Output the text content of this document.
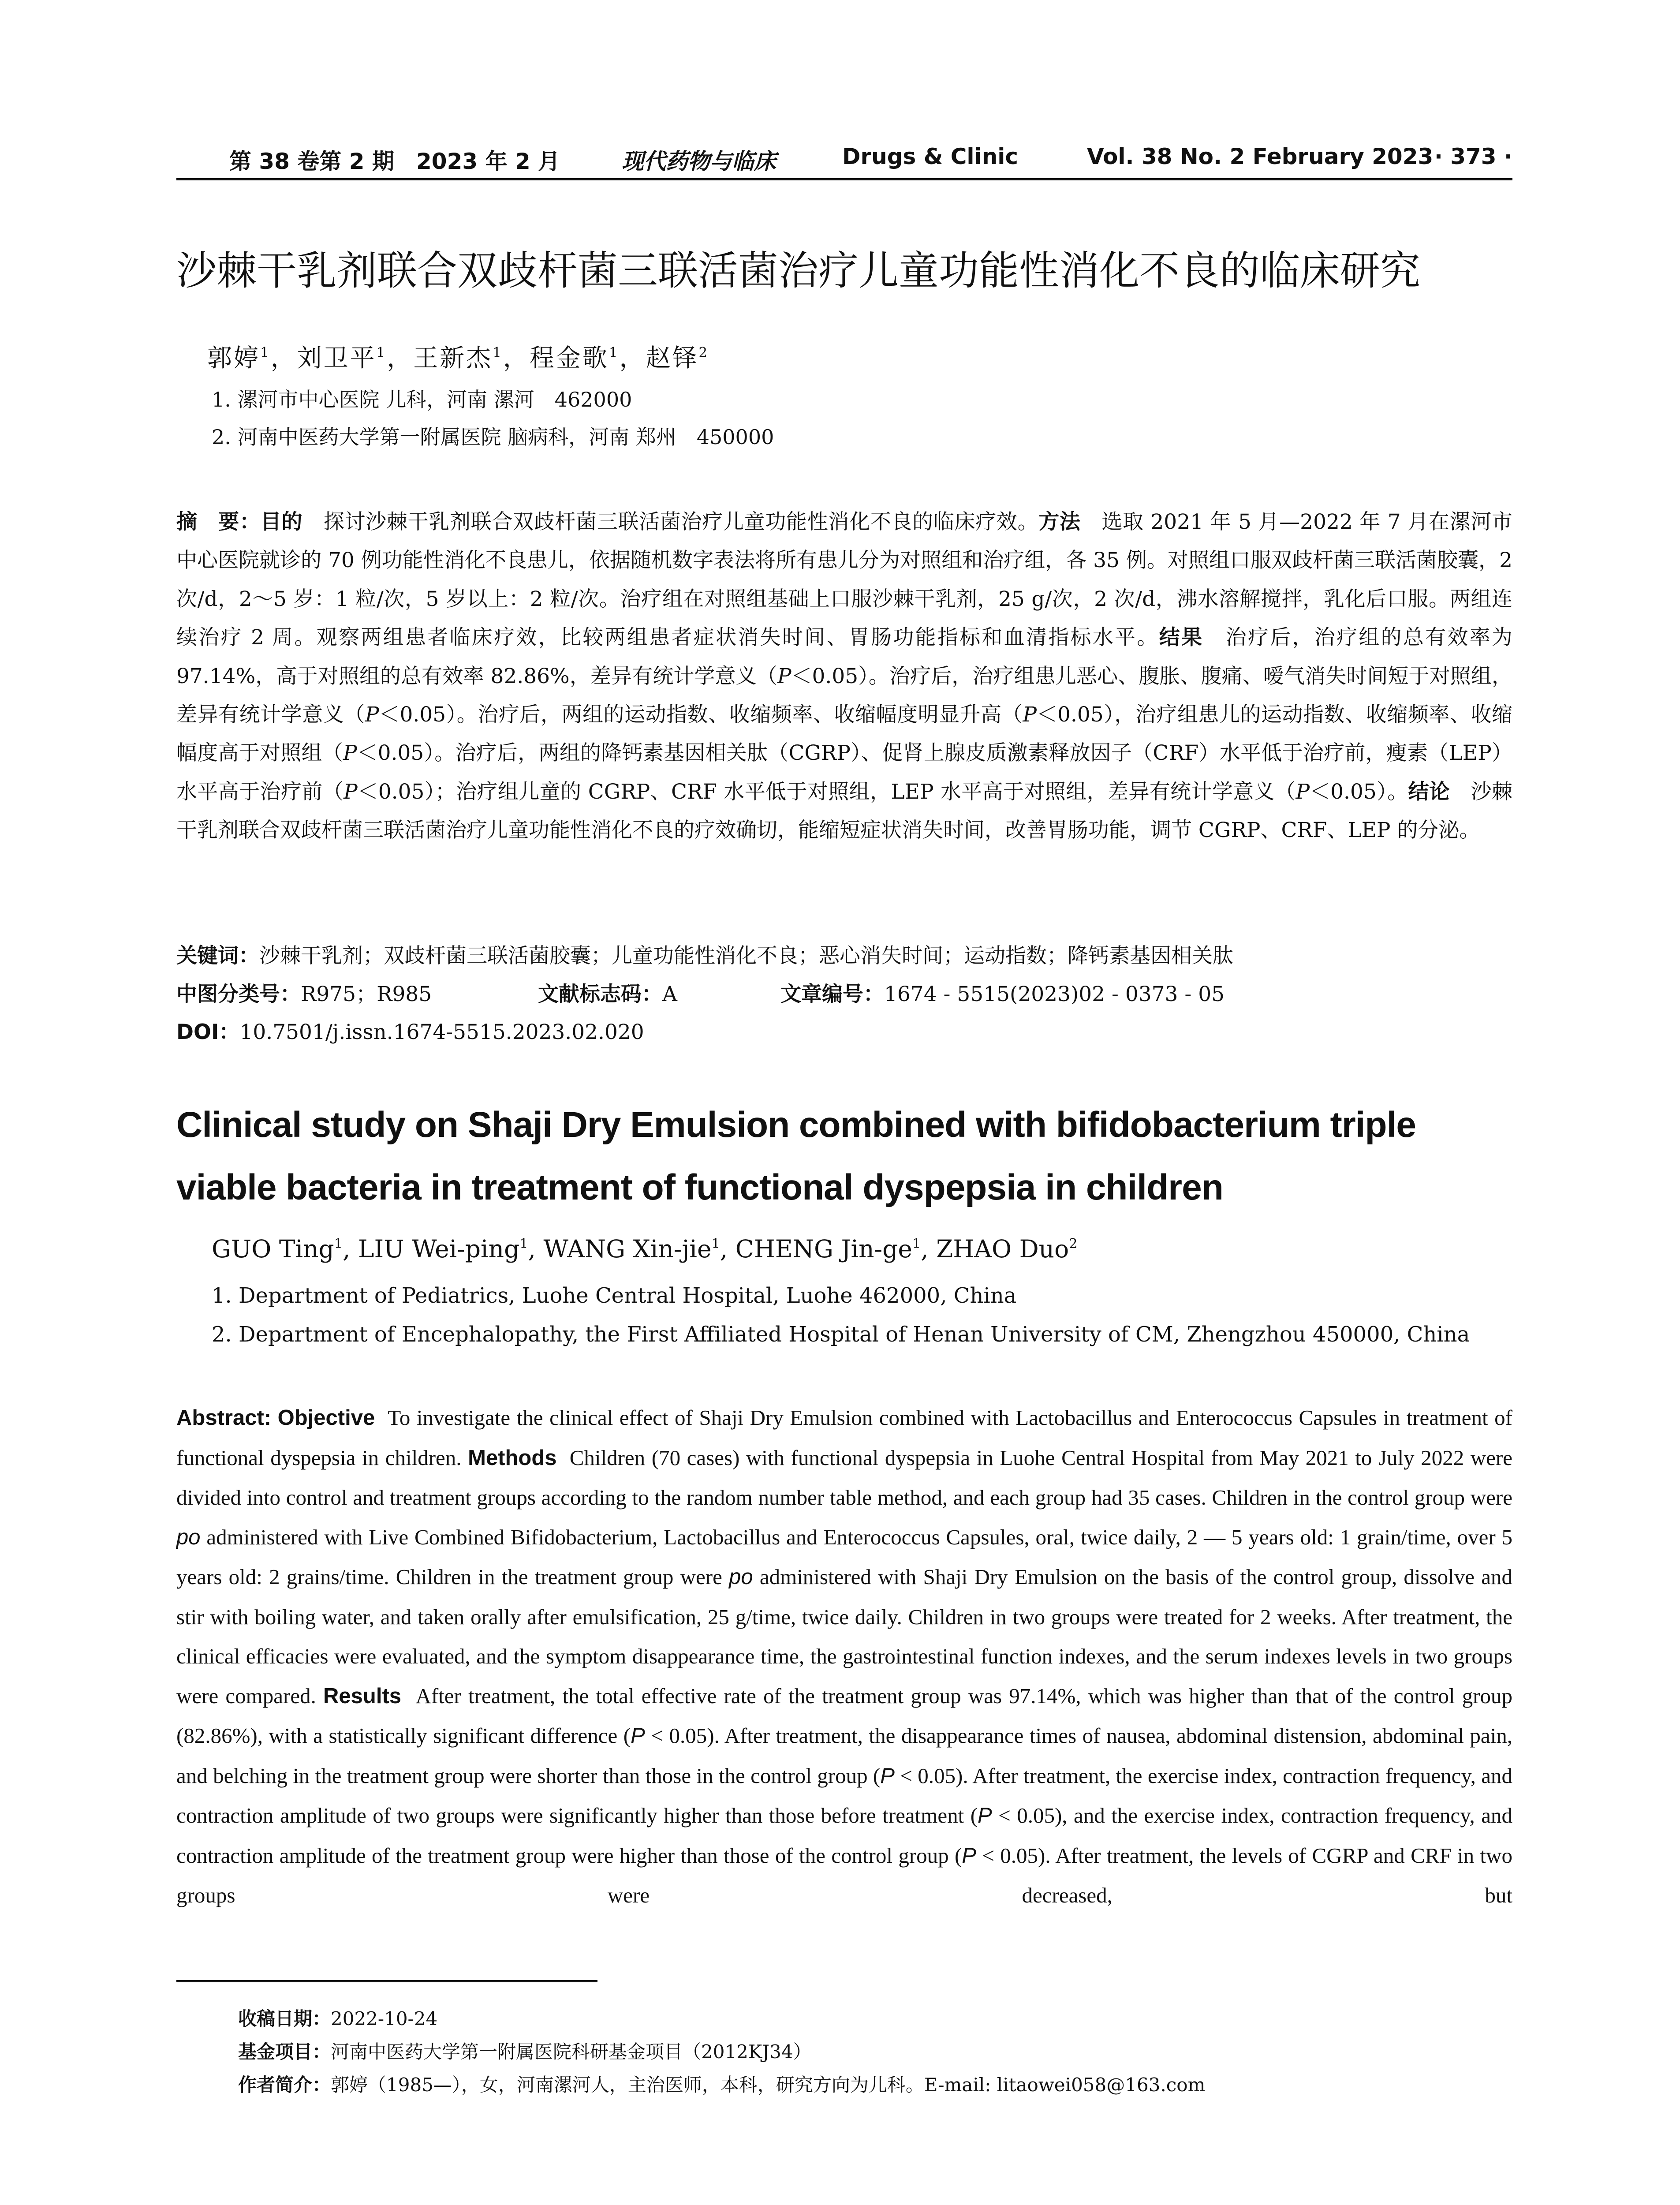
第 38 卷第 2 期　2023 年 2 月	现代药物与临床	Drugs & Clinic	Vol. 38 No. 2 February 2023 · 373 ·
沙棘干乳剂联合双歧杆菌三联活菌治疗儿童功能性消化不良的临床研究
郭婷$^1$，刘卫平$^1$，王新杰$^1$，程金歌$^1$，赵铎$^2$
1. 漯河市中心医院 儿科，河南 漯河　462000
2. 河南中医药大学第一附属医院 脑病科，河南 郑州　450000
摘　要：目的　探讨沙棘干乳剂联合双歧杆菌三联活菌治疗儿童功能性消化不良的临床疗效。方法　选取 2021 年 5 月—2022 年 7 月在漯河市中心医院就诊的 70 例功能性消化不良患儿，依据随机数字表法将所有患儿分为对照组和治疗组，各 35 例。对照组口服双歧杆菌三联活菌胶囊，2 次/d，2～5 岁：1 粒/次，5 岁以上：2 粒/次。治疗组在对照组基础上口服沙棘干乳剂，25 g/次，2 次/d，沸水溶解搅拌，乳化后口服。两组连续治疗 2 周。观察两组患者临床疗效，比较两组患者症状消失时间、胃肠功能指标和血清指标水平。结果　治疗后，治疗组的总有效率为 97.14%，高于对照组的总有效率 82.86%，差异有统计学意义（P＜0.05）。治疗后，治疗组患儿恶心、腹胀、腹痛、嗳气消失时间短于对照组，差异有统计学意义（P＜0.05）。治疗后，两组的运动指数、收缩频率、收缩幅度明显升高（P＜0.05），治疗组患儿的运动指数、收缩频率、收缩幅度高于对照组（P＜0.05）。治疗后，两组的降钙素基因相关肽（CGRP）、促肾上腺皮质激素释放因子（CRF）水平低于治疗前，瘦素（LEP）水平高于治疗前（P＜0.05）；治疗组儿童的 CGRP、CRF 水平低于对照组，LEP 水平高于对照组，差异有统计学意义（P＜0.05）。结论　沙棘干乳剂联合双歧杆菌三联活菌治疗儿童功能性消化不良的疗效确切，能缩短症状消失时间，改善胃肠功能，调节 CGRP、CRF、LEP 的分泌。
关键词：沙棘干乳剂；双歧杆菌三联活菌胶囊；儿童功能性消化不良；恶心消失时间；运动指数；降钙素基因相关肽
中图分类号：R975；R985	文献标志码：A	文章编号：1674 - 5515(2023)02 - 0373 - 05
DOI：10.7501/j.issn.1674-5515.2023.02.020
Clinical study on Shaji Dry Emulsion combined with bifidobacterium triple viable bacteria in treatment of functional dyspepsia in children
GUO Ting$^1$, LIU Wei-ping$^1$, WANG Xin-jie$^1$, CHENG Jin-$ge^1$, ZHAO Duo$^2$
1. Department of Pediatrics, Luohe Central Hospital, Luohe 462000, China
2. Department of Encephalopathy, the First Affiliated Hospital of Henan University of CM, Zhengzhou 450000, China
Abstract: Objective To investigate the clinical effect of Shaji Dry Emulsion combined with Lactobacillus and Enterococcus Capsules in treatment of functional dyspepsia in children. Methods Children (70 cases) with functional dyspepsia in Luohe Central Hospital from May 2021 to July 2022 were divided into control and treatment groups according to the random number table method, and each group had 35 cases. Children in the control group were po administered with Live Combined Bifidobacterium, Lactobacillus and Enterococcus Capsules, oral, twice daily, 2 — 5 years old: 1 grain/time, over 5 years old: 2 grains/time. Children in the treatment group were po administered with Shaji Dry Emulsion on the basis of the control group, dissolve and stir with boiling water, and taken orally after emulsification, 25 g/time, twice daily. Children in two groups were treated for 2 weeks. After treatment, the clinical efficacies were evaluated, and the symptom disappearance time, the gastrointestinal function indexes, and the serum indexes levels in two groups were compared. Results After treatment, the total effective rate of the treatment group was 97.14%, which was higher than that of the control group (82.86%), with a statistically significant difference (P < 0.05). After treatment, the disappearance times of nausea, abdominal distension, abdominal pain, and belching in the treatment group were shorter than those in the control group (P < 0.05). After treatment, the exercise index, contraction frequency, and contraction amplitude of two groups were significantly higher than those before treatment (P < 0.05), and the exercise index, contraction frequency, and contraction amplitude of the treatment group were higher than those of the control group (P < 0.05). After treatment, the levels of CGRP and CRF in two groups were decreased, but
收稿日期：2022-10-24
基金项目：河南中医药大学第一附属医院科研基金项目（2012KJ34）
作者简介：郭婷（1985—），女，河南漯河人，主治医师，本科，研究方向为儿科。E-mail: litaowei058@163.com
